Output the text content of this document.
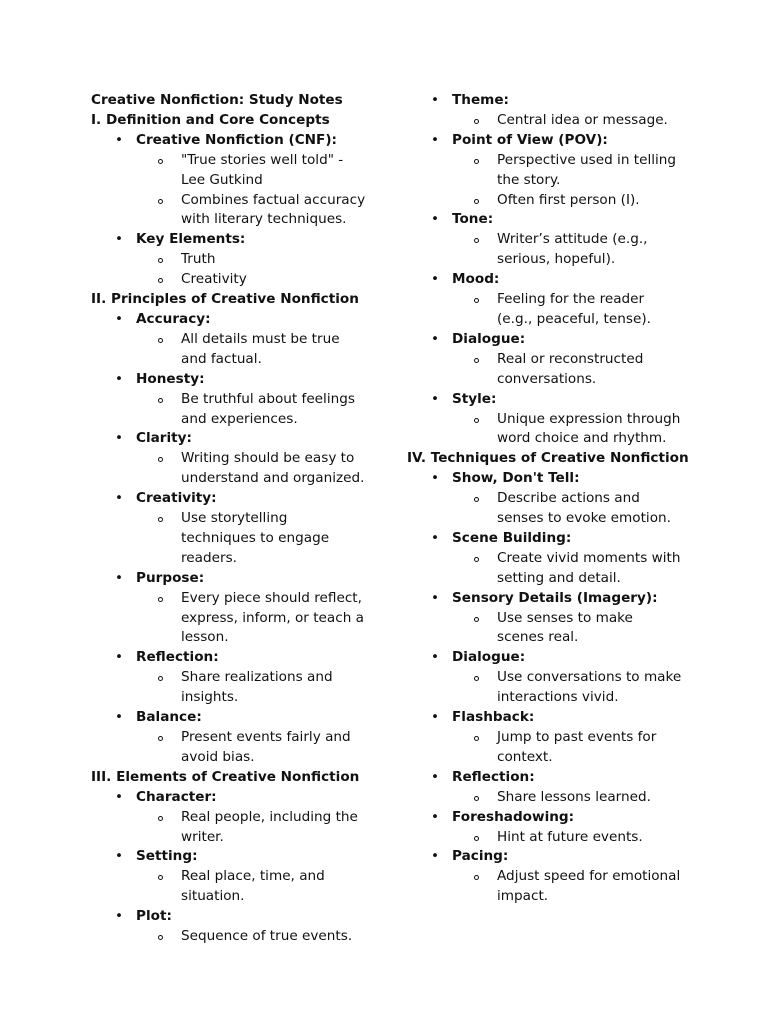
Creative Nonfiction: Study Notes
I. Definition and Core Concepts
• Creative Nonfiction (CNF):
"True stories well told" - Lee Gutkind
Combines factual accuracy with literary techniques.
• Key Elements:
Truth
Creativity
II. Principles of Creative Nonfiction
• Accuracy:
All details must be true and factual.
• Honesty:
Be truthful about feelings and experiences.
• Clarity:
Writing should be easy to understand and organized.
• Creativity:
Use storytelling techniques to engage readers.
• Purpose:
Every piece should reflect, express, inform, or teach a lesson.
• Reflection:
Share realizations and insights.
• Balance:
Present events fairly and avoid bias.
III. Elements of Creative Nonfiction
• Character:
Real people, including the writer.
• Setting:
Real place, time, and situation.
• Plot:
Sequence of true events.
• Theme:
Central idea or message.
• Point of View (POV):
Perspective used in telling the story.
Often first person (I).
• Tone:
Writer’s attitude (e.g., serious, hopeful).
• Mood:
Feeling for the reader (e.g., peaceful, tense).
• Dialogue:
Real or reconstructed conversations.
• Style:
Unique expression through word choice and rhythm.
IV. Techniques of Creative Nonfiction
• Show, Don't Tell:
Describe actions and senses to evoke emotion.
• Scene Building:
Create vivid moments with setting and detail.
• Sensory Details (Imagery):
Use senses to make scenes real.
• Dialogue:
Use conversations to make interactions vivid.
• Flashback:
Jump to past events for context.
• Reflection:
Share lessons learned.
• Foreshadowing:
Hint at future events.
• Pacing:
Adjust speed for emotional impact.
